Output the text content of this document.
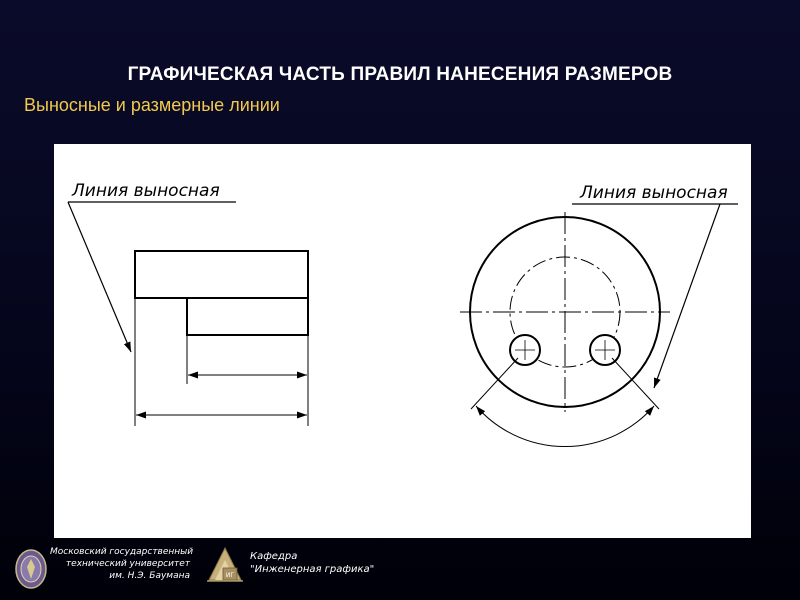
ГРАФИЧЕСКАЯ ЧАСТЬ ПРАВИЛ НАНЕСЕНИЯ РАЗМЕРОВ
Выносные и размерные линии
Линия выносная	Линия выносная
Московский государственный
технический университет
им. Н.Э. Баумана	ИГ
Кафедра
"Инженерная графика"
